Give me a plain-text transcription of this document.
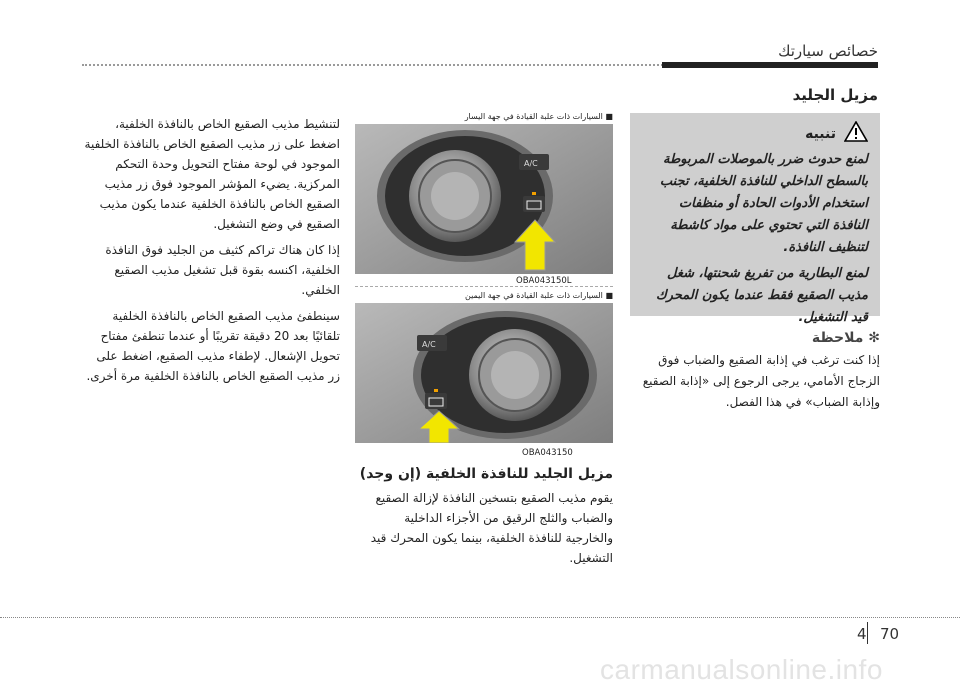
خصائص سيارتك
مزيل الجليد
تنبيه

لمنع حدوث ضرر بالموصلات المربوطة بالسطح الداخلي للنافذة الخلفية، تجنب استخدام الأدوات الحادة أو منظفات النافذة التي تحتوي على مواد كاشطة لتنظيف النافذة.

لمنع البطارية من تفريغ شحنتها، شغل مذيب الصقيع فقط عندما يكون المحرك قيد التشغيل.

✻ ملاحظة

إذا كنت ترغب في إذابة الصقيع والضباب فوق الزجاج الأمامي، يرجى الرجوع إلى «إذابة الصقيع وإذابة الضباب» في هذا الفصل.

■ السيارات ذات علبة القيادة في جهة اليسار
A/C
OBA043150L
■ السيارات ذات علبة القيادة في جهة اليمين
A/C
OBA043150
مزيل الجليد للنافذة الخلفية (إن وجد)

يقوم مذيب الصقيع بتسخين النافذة لإزالة الصقيع والضباب والثلج الرقيق من الأجزاء الداخلية والخارجية للنافذة الخلفية، بينما يكون المحرك قيد التشغيل.

لتنشيط مذيب الصقيع الخاص بالنافذة الخلفية، اضغط على زر مذيب الصقيع الخاص بالنافذة الخلفية الموجود في لوحة مفتاح التحويل وحدة التحكم المركزية. يضيء المؤشر الموجود فوق زر مذيب الصقيع الخاص بالنافذة الخلفية عندما يكون مذيب الصقيع في وضع التشغيل.

إذا كان هناك تراكم كثيف من الجليد فوق النافذة الخلفية، اكنسه بقوة قبل تشغيل مذيب الصقيع الخلفي.

سينطفئ مذيب الصقيع الخاص بالنافذة الخلفية تلقائيًا بعد 20 دقيقة تقريبًا أو عندما تنطفئ مفتاح تحويل الإشعال. لإطفاء مذيب الصقيع، اضغط على زر مذيب الصقيع الخاص بالنافذة الخلفية مرة أخرى.

4 70
carmanualsonline.info
